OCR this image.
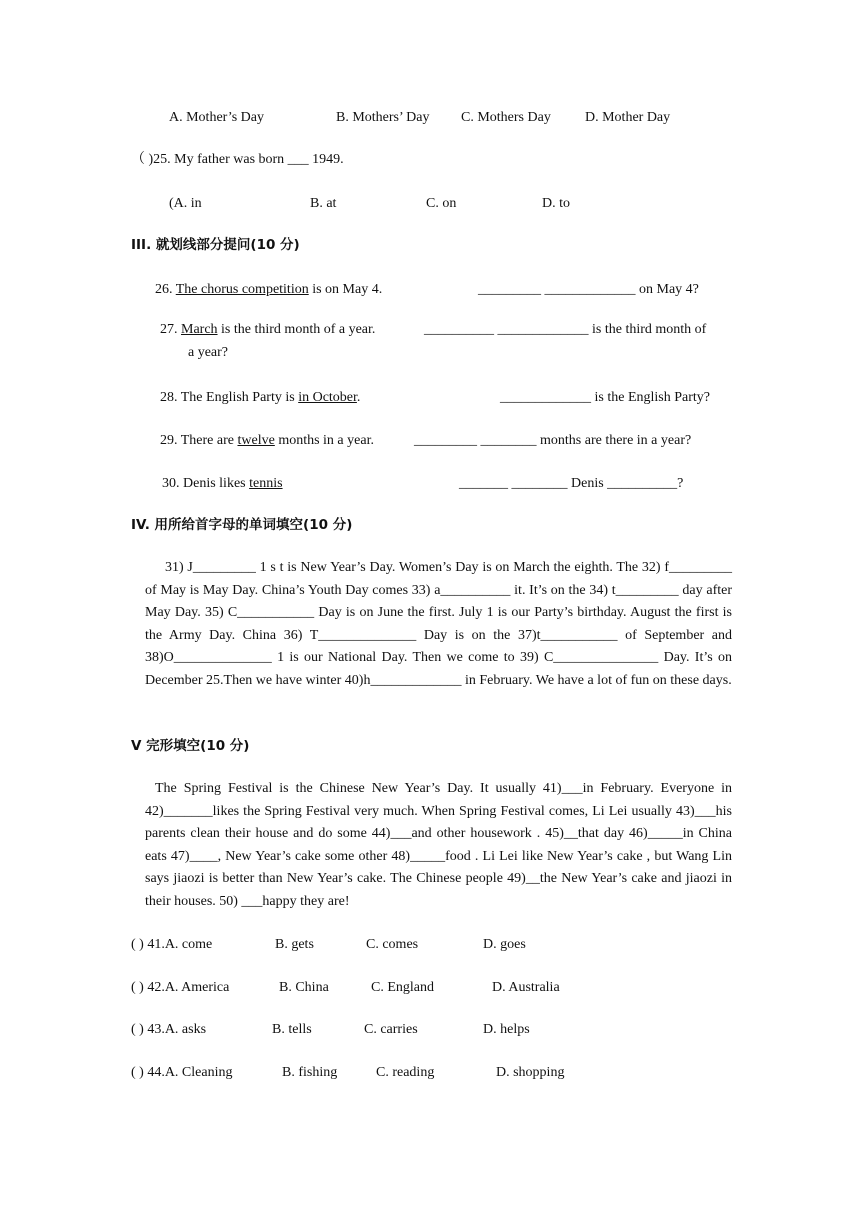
A. Mother’s Day	B. Mothers’ Day C. Mothers Day D. Mother Day
（ )25. My father was born ___ 1949.
(A. in	B. at	C. on	D. to
III. 就划线部分提问(10 分)
26. The chorus competition is on May 4.	_________ _____________ on May 4?
27. March is the third month of a year.	__________ _____________ is the third month of
a year?
28. The English Party is in October.	_____________ is the English Party?
29. There are twelve months in a year.	_________ ________ months are there in a year?
30. Denis likes tennis	_______ ________ Denis __________?
IV. 用所给首字母的单词填空(10 分)

31) J_________ 1 s t is New Year’s Day. Women’s Day is on March the eighth. The 32) f_________ of May is May Day. China’s Youth Day comes 33) a__________ it. It’s on the 34) t_________ day after May Day. 35) C___________ Day is on June the first. July 1 is our Party’s birthday. August the first is the Army Day. China 36) T______________ Day is on the 37)t___________ of September and 38)O______________ 1 is our National Day. Then we come to 39) C_______________ Day. It’s on December 25.Then we have winter 40)h_____________ in February. We have a lot of fun on these days.

V 完形填空(10 分)

The Spring Festival is the Chinese New Year’s Day. It usually 41)___in February. Everyone in 42)_______likes the Spring Festival very much. When Spring Festival comes, Li Lei usually 43)___his parents clean their house and do some 44)___and other housework . 45)__that day 46)_____in China eats 47)____, New Year’s cake some other 48)_____food . Li Lei like New Year’s cake , but Wang Lin says jiaozi is better than New Year’s cake. The Chinese people 49)__the New Year’s cake and jiaozi in their houses. 50) ___happy they are!

( ) 41.A. come	B. gets	C. comes	D. goes
( ) 42.A. America	B. China	C. England	D. Australia
( ) 43.A. asks	B. tells	C. carries	D. helps
( ) 44.A. Cleaning	B. fishing	C. reading	D. shopping
